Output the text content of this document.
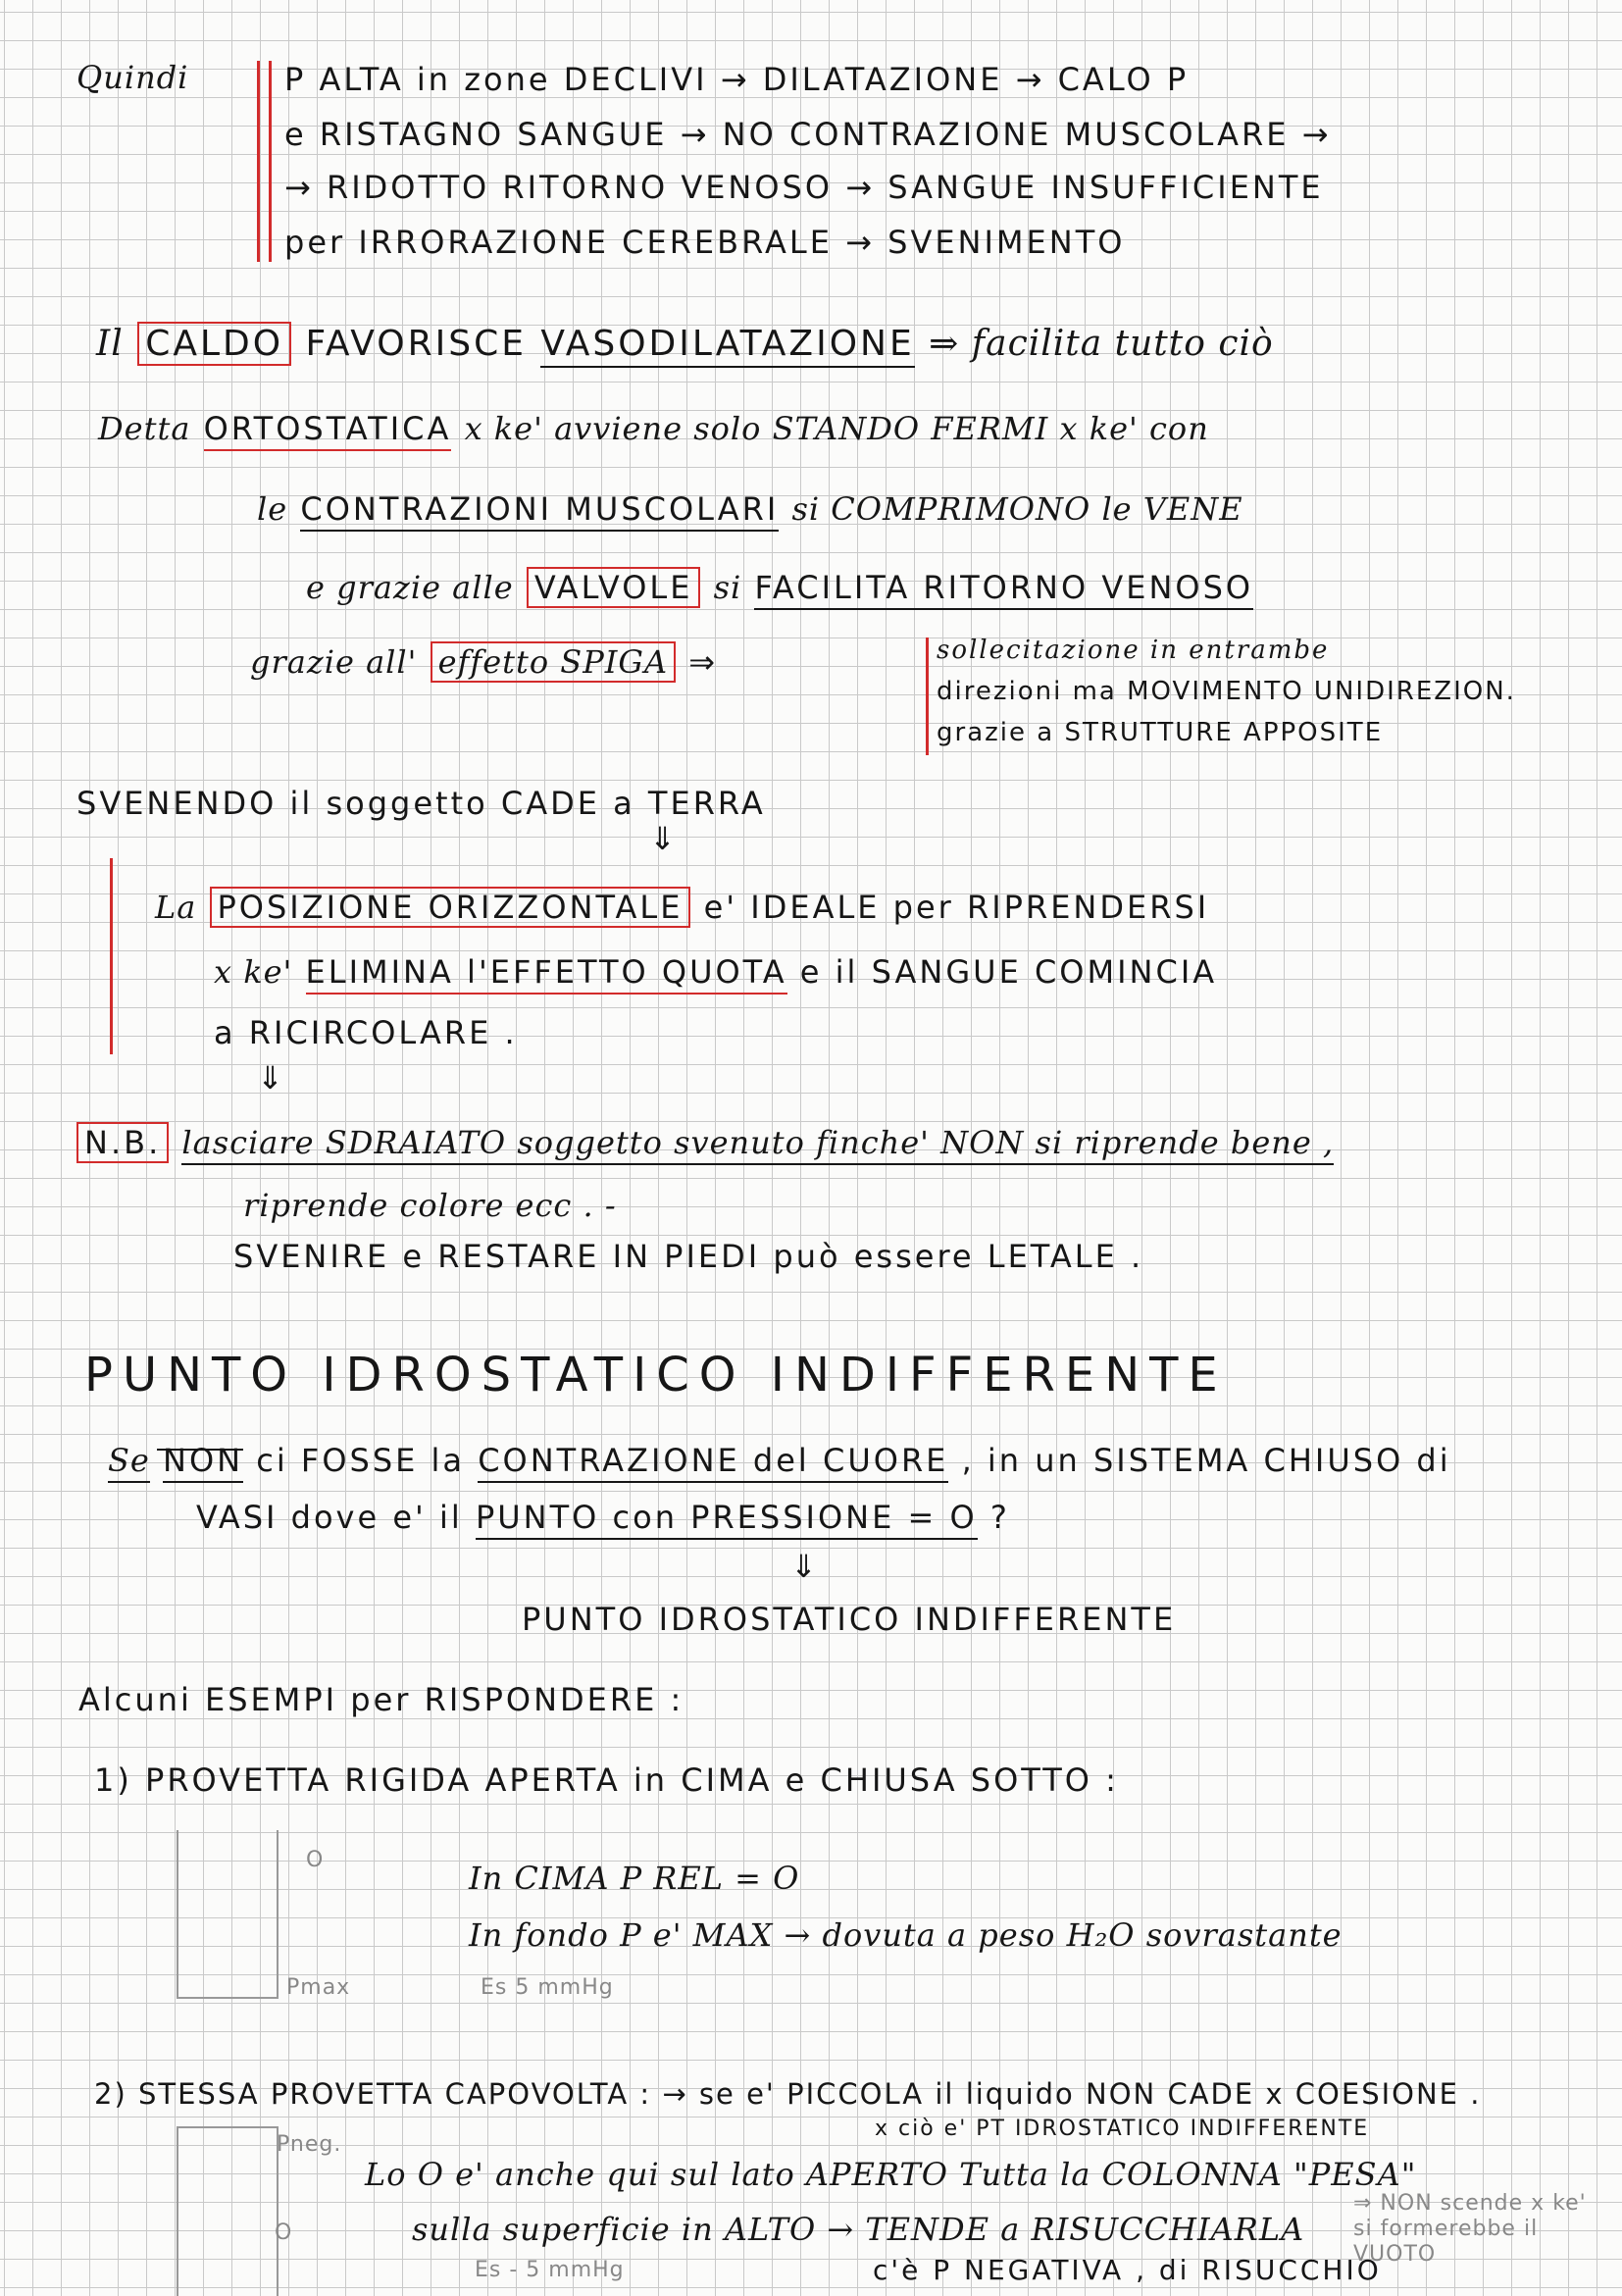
Quindi	P ALTA in zone DECLIVI → DILATAZIONE → CALO P
e RISTAGNO SANGUE → NO CONTRAZIONE MUSCOLARE →
→ RIDOTTO RITORNO VENOSO → SANGUE INSUFFICIENTE
per IRRORAZIONE CEREBRALE → SVENIMENTO
Il CALDO FAVORISCE VASODILATAZIONE ⇒ facilita tutto ciò
Detta ORTOSTATICA x ke' avviene solo STANDO FERMI x ke' con
le CONTRAZIONI MUSCOLARI si COMPRIMONO le VENE
e grazie alle VALVOLE si FACILITA RITORNO VENOSO
grazie all' effetto SPIGA ⇒	sollecitazione in entrambe
direzioni ma MOVIMENTO UNIDIREZION.
grazie a STRUTTURE APPOSITE
SVENENDO il soggetto CADE a TERRA
⇓
La POSIZIONE ORIZZONTALE e' IDEALE per RIPRENDERSI
x ke' ELIMINA l'EFFETTO QUOTA e il SANGUE COMINCIA
a RICIRCOLARE .
⇓
N.B. lasciare SDRAIATO soggetto svenuto finche' NON si riprende bene ,
riprende colore ecc . -
SVENIRE e RESTARE IN PIEDI può essere LETALE .
PUNTO IDROSTATICO INDIFFERENTE
Se NON ci FOSSE la CONTRAZIONE del CUORE , in un SISTEMA CHIUSO di
VASI dove e' il PUNTO con PRESSIONE = O ?
⇓
PUNTO IDROSTATICO INDIFFERENTE
Alcuni ESEMPI per RISPONDERE :
1) PROVETTA RIGIDA APERTA in CIMA e CHIUSA SOTTO :
O
Pmax	Es 5 mmHg
In CIMA P REL = O
In fondo P e' MAX → dovuta a peso H₂O sovrastante
2) STESSA PROVETTA CAPOVOLTA : → se e' PICCOLA il liquido NON CADE x COESIONE .
x ciò e' PT IDROSTATICO INDIFFERENTE
Pneg.
O
Lo O e' anche qui sul lato APERTO Tutta la COLONNA "PESA"
sulla superficie in ALTO → TENDE a RISUCCHIARLA
Es - 5 mmHg	c'è P NEGATIVA , di RISUCCHIO
⇒ NON scende x ke' si formerebbe il VUOTO
